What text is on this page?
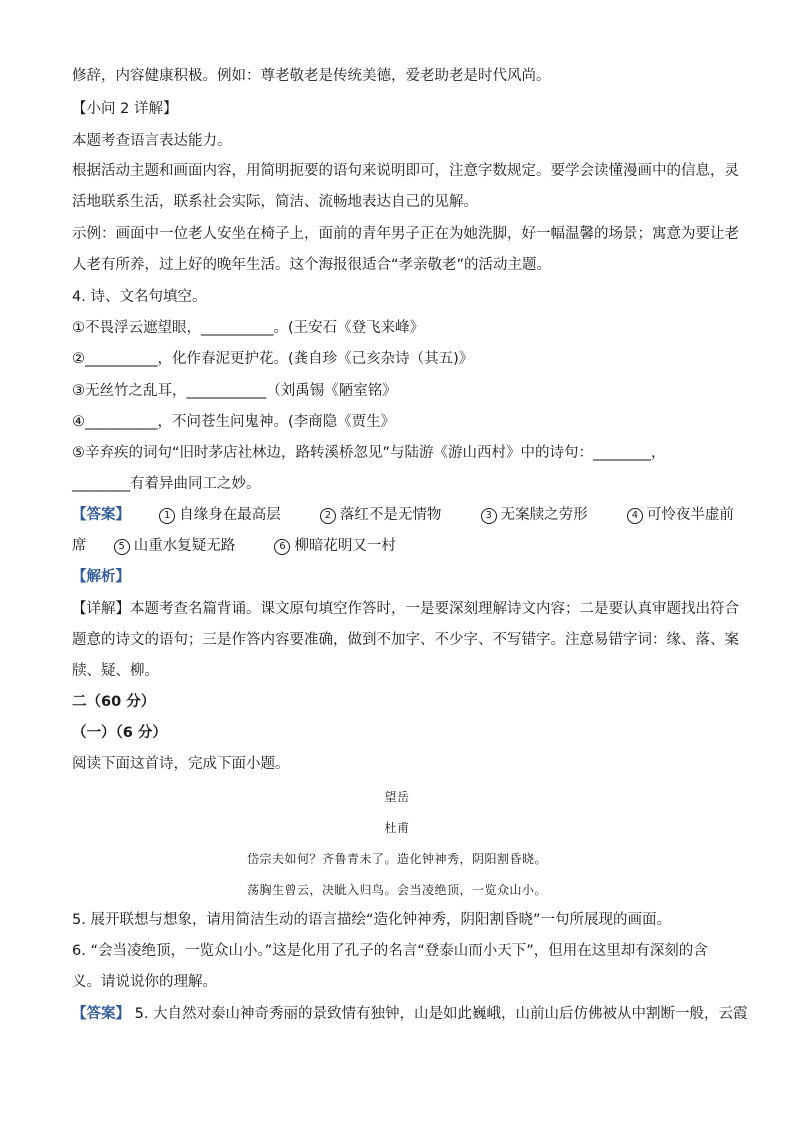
修辞，内容健康积极。例如：尊老敬老是传统美德，爱老助老是时代风尚。
【小问 2 详解】
本题考查语言表达能力。
根据活动主题和画面内容，用简明扼要的语句来说明即可，注意字数规定。要学会读懂漫画中的信息，灵
活地联系生活，联系社会实际，简洁、流畅地表达自己的见解。
示例：画面中一位老人安坐在椅子上，面前的青年男子正在为她洗脚，好一幅温馨的场景；寓意为要让老
人老有所养，过上好的晚年生活。这个海报很适合“孝亲敬老”的活动主题。
4. 诗、文名句填空。
①不畏浮云遮望眼，__________。(王安石《登飞来峰》
②__________，化作春泥更护花。(龚自珍《己亥杂诗（其五)》
③无丝竹之乱耳，___________（刘禹锡《陋室铭》
④__________，不问苍生问鬼神。(李商隐《贾生》
⑤辛弃疾的词句“旧时茅店社林边，路转溪桥忽见”与陆游《游山西村》中的诗句：________，
________有着异曲同工之妙。
【答案】	1 自缘身在最高层	2 落红不是无情物	3 无案牍之劳形	4 可怜夜半虚前
席	5 山重水复疑无路	6 柳暗花明又一村
【解析】
【详解】本题考查名篇背诵。课文原句填空作答时，一是要深刻理解诗文内容；二是要认真审题找出符合
题意的诗文的语句；三是作答内容要准确，做到不加字、不少字、不写错字。注意易错字词：缘、落、案
牍、疑、柳。
二（60 分）
（一）（6 分）
阅读下面这首诗，完成下面小题。
望岳
杜甫
岱宗夫如何？齐鲁青未了。造化钟神秀，阴阳割昏晓。
荡胸生曾云，决眦入归鸟。会当凌绝顶，一览众山小。
5. 展开联想与想象，请用简洁生动的语言描绘“造化钟神秀，阴阳割昏晓”一句所展现的画面。
6. “会当凌绝顶，一览众山小。”这是化用了孔子的名言“登泰山而小天下”，但用在这里却有深刻的含
义。请说说你的理解。
【答案】 5. 大自然对泰山神奇秀丽的景致情有独钟，山是如此巍峨，山前山后仿佛被从中割断一般，云霞
